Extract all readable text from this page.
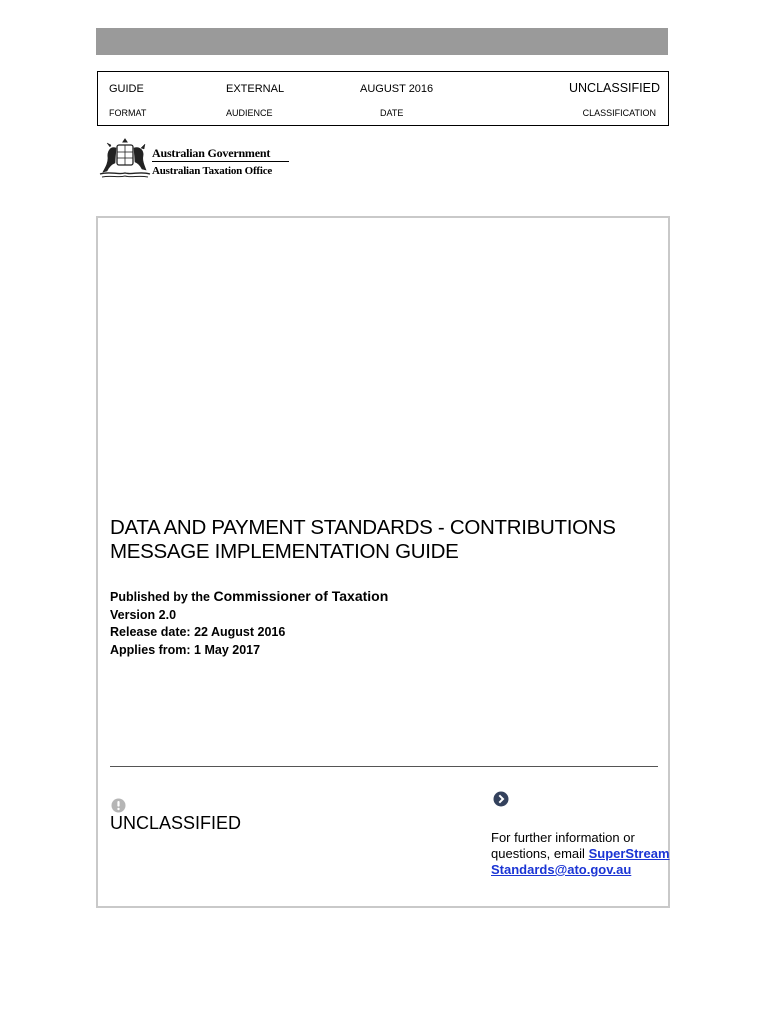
GUIDE
FORMAT
EXTERNAL
AUDIENCE
AUGUST 2016
DATE
UNCLASSIFIED
CLASSIFICATION
Australian Government
Australian Taxation Office
DATA AND PAYMENT STANDARDS - CONTRIBUTIONS
MESSAGE IMPLEMENTATION GUIDE
Published by the Commissioner of Taxation
Version 2.0
Release date: 22 August 2016
Applies from: 1 May 2017
UNCLASSIFIED
For further information or questions, email SuperStreamStandards@ato.gov.au
